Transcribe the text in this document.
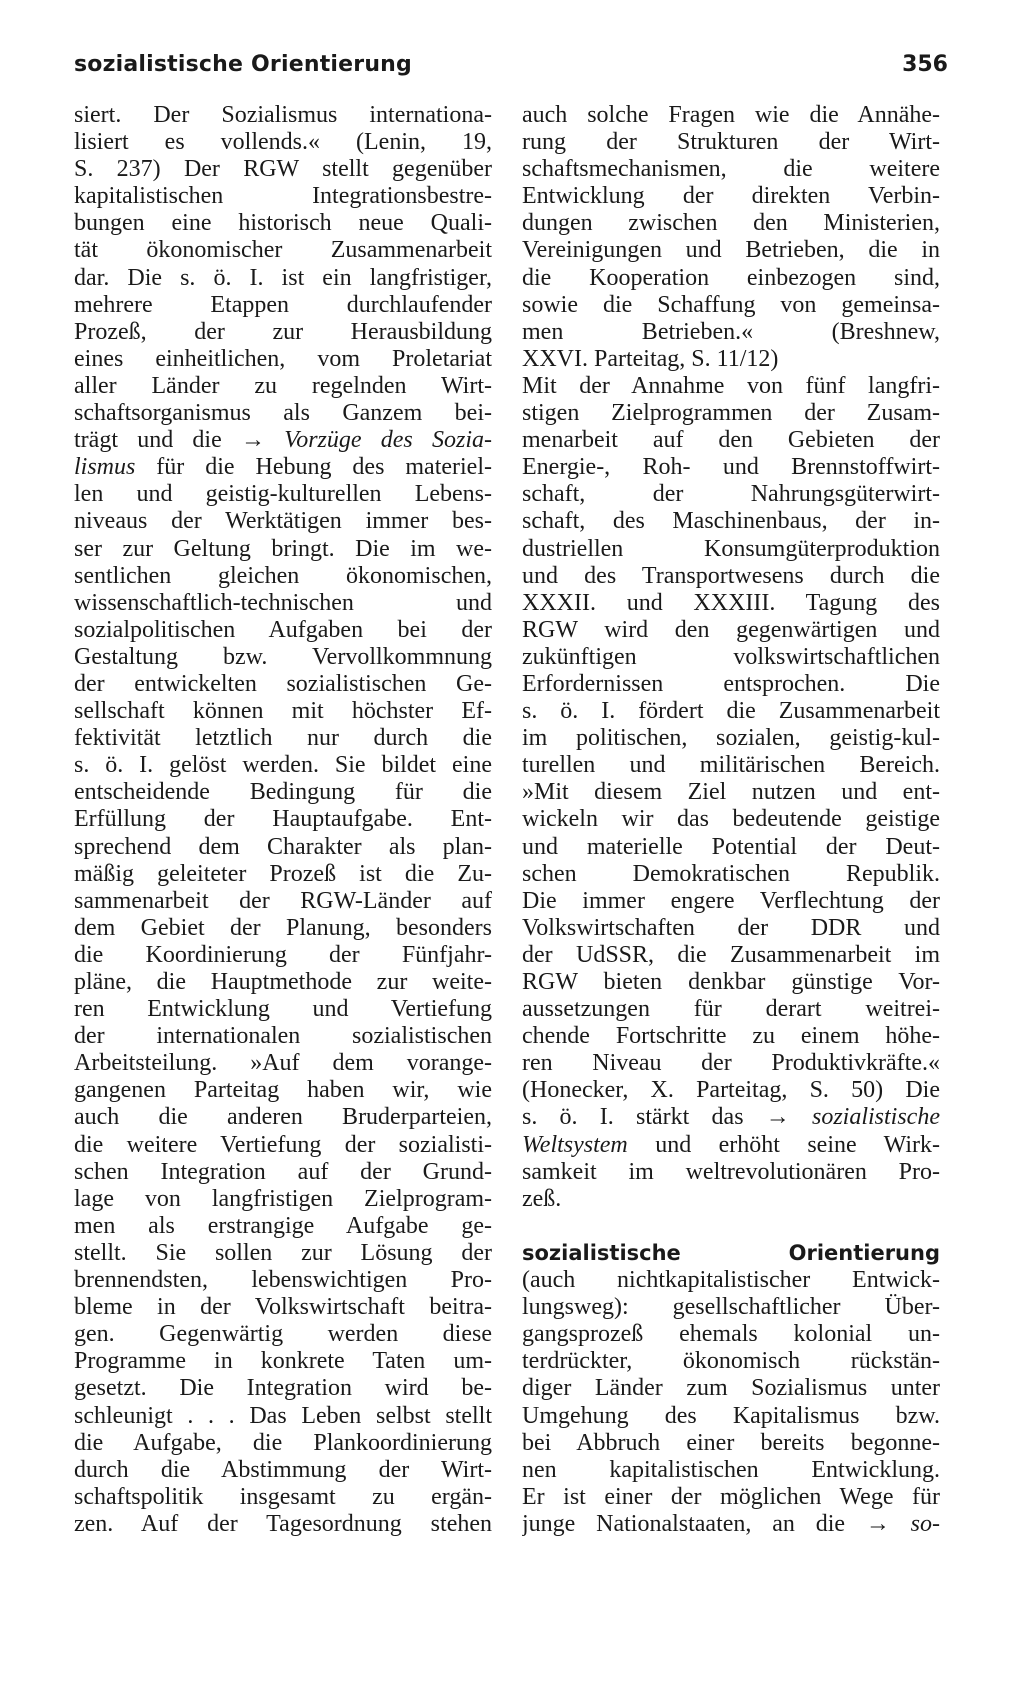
sozialistische Orientierung	356
siert. Der Sozialismus internationa-
lisiert es vollends.« (Lenin, 19,
S. 237) Der RGW stellt gegenüber
kapitalistischen Integrationsbestre-
bungen eine historisch neue Quali-
tät ökonomischer Zusammenarbeit
dar. Die s. ö. I. ist ein langfristiger,
mehrere Etappen durchlaufender
Prozeß, der zur Herausbildung
eines einheitlichen, vom Proletariat
aller Länder zu regelnden Wirt-
schaftsorganismus als Ganzem bei-
trägt und die → Vorzüge des Sozia-
lismus für die Hebung des materiel-
len und geistig-kulturellen Lebens-
niveaus der Werktätigen immer bes-
ser zur Geltung bringt. Die im we-
sentlichen gleichen ökonomischen,
wissenschaftlich-technischen und
sozialpolitischen Aufgaben bei der
Gestaltung bzw. Vervollkommnung
der entwickelten sozialistischen Ge-
sellschaft können mit höchster Ef-
fektivität letztlich nur durch die
s. ö. I. gelöst werden. Sie bildet eine
entscheidende Bedingung für die
Erfüllung der Hauptaufgabe. Ent-
sprechend dem Charakter als plan-
mäßig geleiteter Prozeß ist die Zu-
sammenarbeit der RGW-Länder auf
dem Gebiet der Planung, besonders
die Koordinierung der Fünfjahr-
pläne, die Hauptmethode zur weite-
ren Entwicklung und Vertiefung
der internationalen sozialistischen
Arbeitsteilung. »Auf dem vorange-
gangenen Parteitag haben wir, wie
auch die anderen Bruderparteien,
die weitere Vertiefung der sozialisti-
schen Integration auf der Grund-
lage von langfristigen Zielprogram-
men als erstrangige Aufgabe ge-
stellt. Sie sollen zur Lösung der
brennendsten, lebenswichtigen Pro-
bleme in der Volkswirtschaft beitra-
gen. Gegenwärtig werden diese
Programme in konkrete Taten um-
gesetzt. Die Integration wird be-
schleunigt . . . Das Leben selbst stellt
die Aufgabe, die Plankoordinierung
durch die Abstimmung der Wirt-
schaftspolitik insgesamt zu ergän-
zen. Auf der Tagesordnung stehen
auch solche Fragen wie die Annähe-
rung der Strukturen der Wirt-
schaftsmechanismen, die weitere
Entwicklung der direkten Verbin-
dungen zwischen den Ministerien,
Vereinigungen und Betrieben, die in
die Kooperation einbezogen sind,
sowie die Schaffung von gemeinsa-
men Betrieben.« (Breshnew,
XXVI. Parteitag, S. 11/12)
Mit der Annahme von fünf langfri-
stigen Zielprogrammen der Zusam-
menarbeit auf den Gebieten der
Energie-, Roh- und Brennstoffwirt-
schaft, der Nahrungsgüterwirt-
schaft, des Maschinenbaus, der in-
dustriellen Konsumgüterproduktion
und des Transportwesens durch die
XXXII. und XXXIII. Tagung des
RGW wird den gegenwärtigen und
zukünftigen volkswirtschaftlichen
Erfordernissen entsprochen. Die
s. ö. I. fördert die Zusammenarbeit
im politischen, sozialen, geistig-kul-
turellen und militärischen Bereich.
»Mit diesem Ziel nutzen und ent-
wickeln wir das bedeutende geistige
und materielle Potential der Deut-
schen Demokratischen Republik.
Die immer engere Verflechtung der
Volkswirtschaften der DDR und
der UdSSR, die Zusammenarbeit im
RGW bieten denkbar günstige Vor-
aussetzungen für derart weitrei-
chende Fortschritte zu einem höhe-
ren Niveau der Produktivkräfte.«
(Honecker, X. Parteitag, S. 50) Die
s. ö. I. stärkt das → sozialistische
Weltsystem und erhöht seine Wirk-
samkeit im weltrevolutionären Pro-
zeß.
sozialistische Orientierung
(auch nichtkapitalistischer Entwick-
lungsweg): gesellschaftlicher Über-
gangsprozeß ehemals kolonial un-
terdrückter, ökonomisch rückstän-
diger Länder zum Sozialismus unter
Umgehung des Kapitalismus bzw.
bei Abbruch einer bereits begonne-
nen kapitalistischen Entwicklung.
Er ist einer der möglichen Wege für
junge Nationalstaaten, an die → so-
